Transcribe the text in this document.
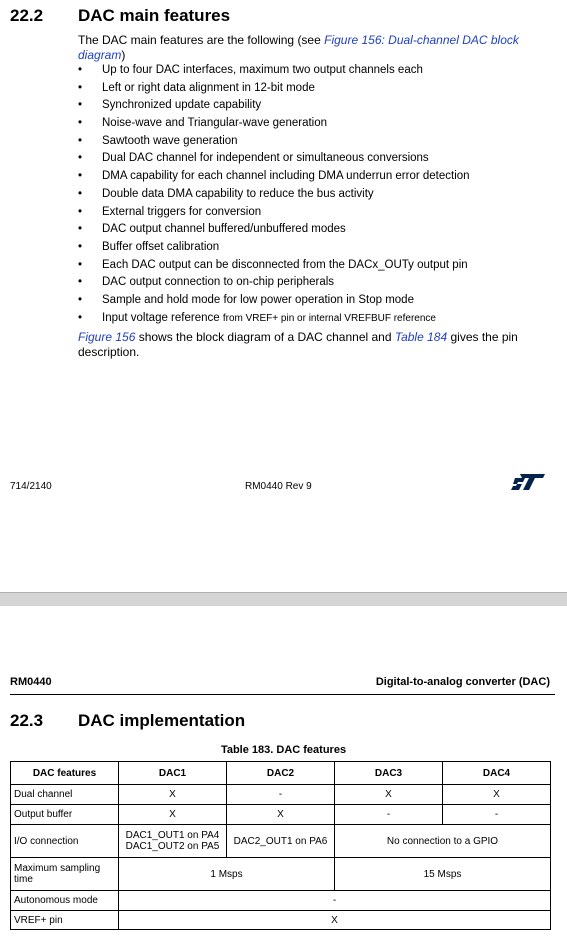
22.2 DAC main features
The DAC main features are the following (see Figure 156: Dual-channel DAC block diagram)
• Up to four DAC interfaces, maximum two output channels each
• Left or right data alignment in 12-bit mode
• Synchronized update capability
• Noise-wave and Triangular-wave generation
• Sawtooth wave generation
• Dual DAC channel for independent or simultaneous conversions
• DMA capability for each channel including DMA underrun error detection
• Double data DMA capability to reduce the bus activity
• External triggers for conversion
• DAC output channel buffered/unbuffered modes
• Buffer offset calibration
• Each DAC output can be disconnected from the DACx_OUTy output pin
• DAC output connection to on-chip peripherals
• Sample and hold mode for low power operation in Stop mode
• Input voltage reference from VREF+ pin or internal VREFBUF reference
Figure 156 shows the block diagram of a DAC channel and Table 184 gives the pin description.
714/2140	RM0440 Rev 9
RM0440	Digital-to-analog converter (DAC)
22.3 DAC implementation
Table 183. DAC features
DAC features	DAC1	DAC2	DAC3	DAC4
Dual channel	X	-	X	X
Output buffer	X	X	-	-
I/O connection	DAC1_OUT1 on PA4
DAC1_OUT2 on PA5	DAC2_OUT1 on PA6	No connection to a GPIO	
Maximum sampling time	1 Msps		15 Msps	
Autonomous mode	-			
VREF+ pin	X			
